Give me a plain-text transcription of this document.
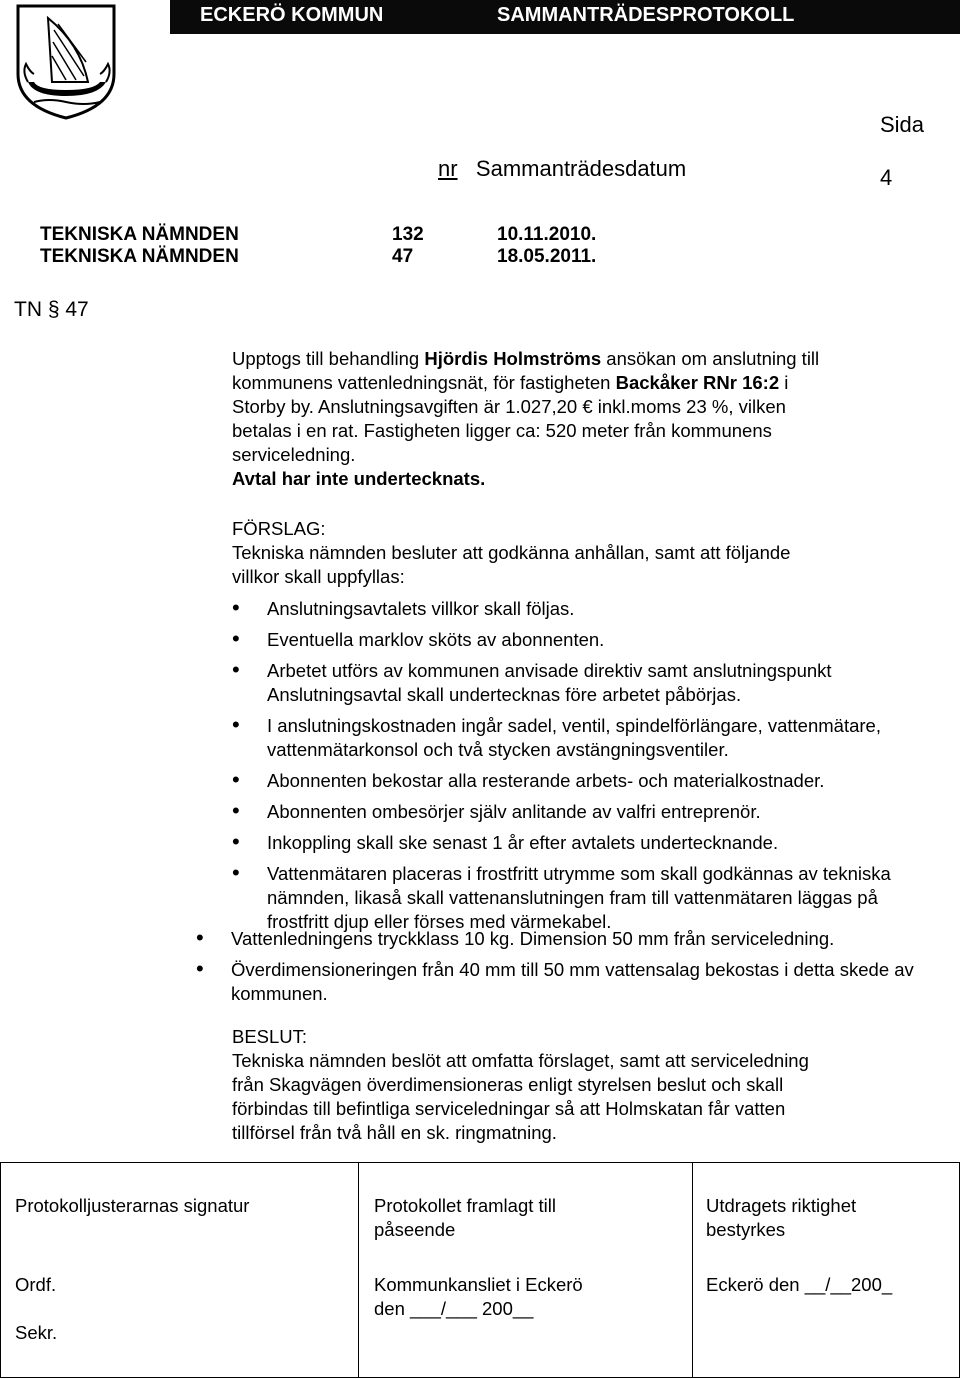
ECKERÖ KOMMUN	SAMMANTRÄDESPROTOKOLL
Sida
4
nr Sammanträdesdatum
TEKNISKA NÄMNDEN	132	10.11.2010.
TEKNISKA NÄMNDEN	47	18.05.2011.
TN § 47

Upptogs till behandling Hjördis Holmströms ansökan om anslutning till

kommunens vattenledningsnät, för fastigheten Backåker RNr 16:2 i

Storby by. Anslutningsavgiften är 1.027,20 € inkl.moms 23 %, vilken

betalas i en rat. Fastigheten ligger ca: 520 meter från kommunens

serviceledning.

Avtal har inte undertecknats.

FÖRSLAG:

Tekniska nämnden besluter att godkänna anhållan, samt att följande

villkor skall uppfyllas:

• Anslutningsavtalets villkor skall följas.
• Eventuella marklov sköts av abonnenten.
• Arbetet utförs av kommunen anvisade direktiv samt anslutningspunkt Anslutningsavtal skall undertecknas före arbetet påbörjas.
• I anslutningskostnaden ingår sadel, ventil, spindelförlängare, vattenmätare, vattenmätarkonsol och två stycken avstängningsventiler.
• Abonnenten bekostar alla resterande arbets- och materialkostnader.
• Abonnenten ombesörjer själv anlitande av valfri entreprenör.
• Inkoppling skall ske senast 1 år efter avtalets undertecknande.
• Vattenmätaren placeras i frostfritt utrymme som skall godkännas av tekniska nämnden, likaså skall vattenanslutningen fram till vattenmätaren läggas på frostfritt djup eller förses med värmekabel.
• Vattenledningens tryckklass 10 kg. Dimension 50 mm från serviceledning.
• Överdimensioneringen från 40 mm till 50 mm vattensalag bekostas i detta skede av kommunen.

BESLUT:

Tekniska nämnden beslöt att omfatta förslaget, samt att serviceledning

från Skagvägen överdimensioneras enligt styrelsen beslut och skall

förbindas till befintliga serviceledningar så att Holmskatan får vatten

tillförsel från två håll en sk. ringmatning.

Protokolljusterarnas signatur
Ordf.
Sekr.
Protokollet framlagt till
påseende
Kommunkansliet i Eckerö
den ___/___ 200__
Utdragets riktighet
bestyrkes
Eckerö den __/__200_
